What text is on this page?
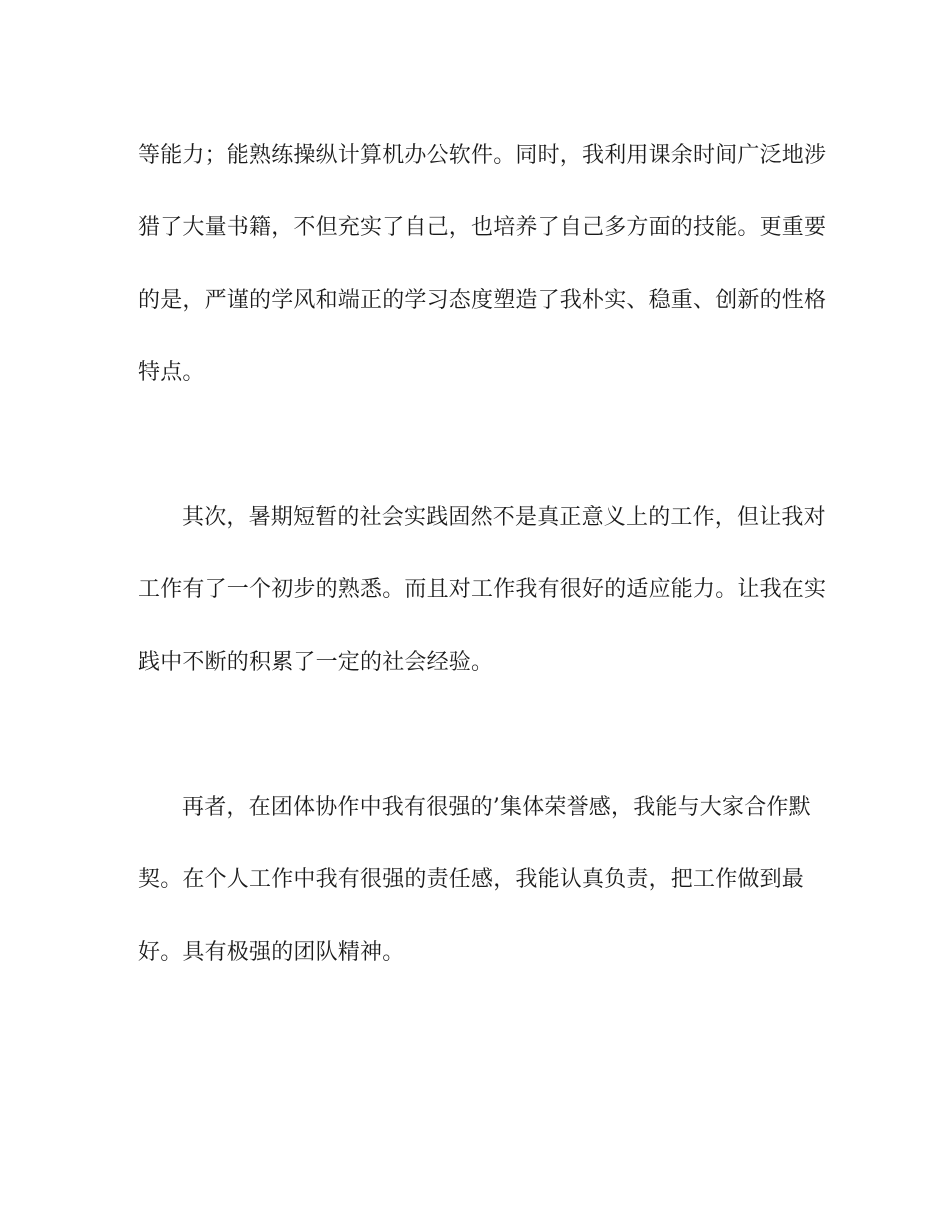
等能力；能熟练操纵计算机办公软件。同时，我利用课余时间广泛地涉

猎了大量书籍，不但充实了自己，也培养了自己多方面的技能。更重要

的是，严谨的学风和端正的学习态度塑造了我朴实、稳重、创新的性格

特点。

其次，暑期短暂的社会实践固然不是真正意义上的工作，但让我对

工作有了一个初步的熟悉。而且对工作我有很好的适应能力。让我在实

践中不断的积累了一定的社会经验。

再者，在团体协作中我有很强的’集体荣誉感，我能与大家合作默

契。在个人工作中我有很强的责任感，我能认真负责，把工作做到最

好。具有极强的团队精神。
